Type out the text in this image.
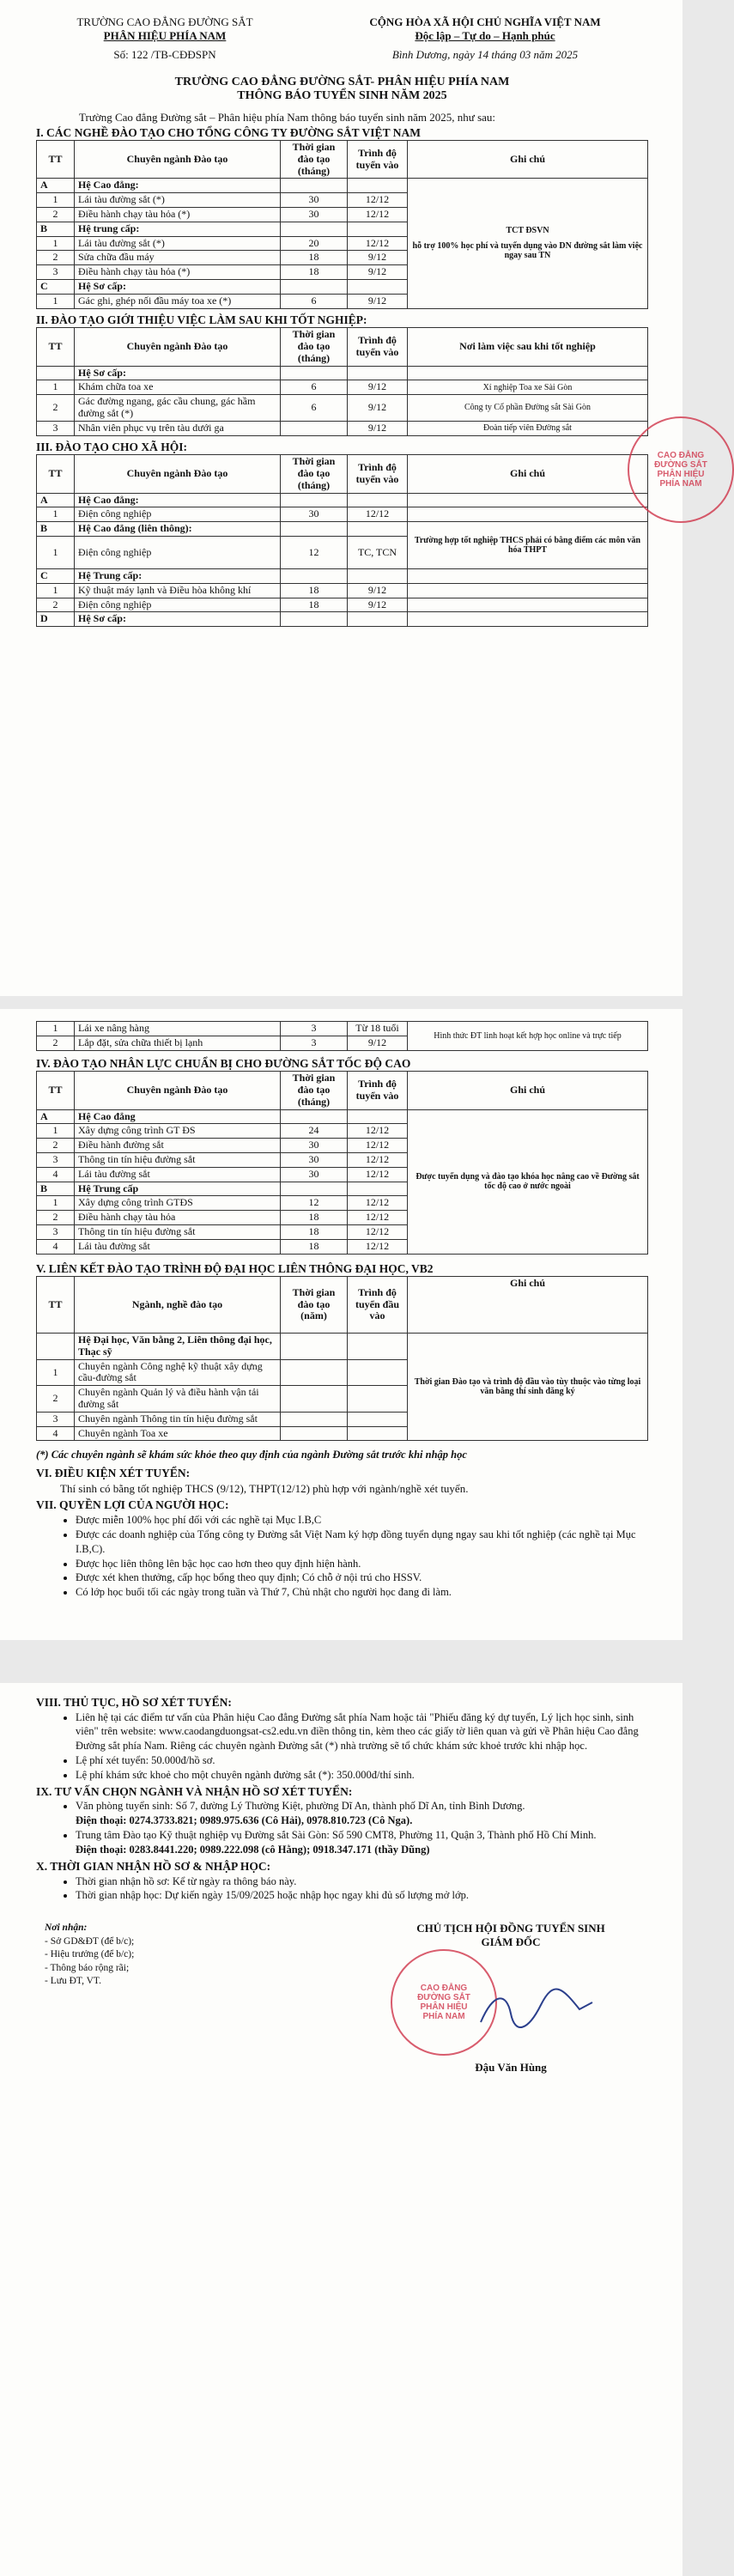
TRƯỜNG CAO ĐẲNG ĐƯỜNG SẮT
PHÂN HIỆU PHÍA NAM
Số: 122 /TB-CĐĐSPN
CỘNG HÒA XÃ HỘI CHỦ NGHĨA VIỆT NAM
Độc lập – Tự do – Hạnh phúc
Bình Dương, ngày 14 tháng 03 năm 2025
TRƯỜNG CAO ĐẲNG ĐƯỜNG SẮT- PHÂN HIỆU PHÍA NAM
THÔNG BÁO TUYỂN SINH NĂM 2025

Trường Cao đẳng Đường sắt – Phân hiệu phía Nam thông báo tuyển sinh năm 2025, như sau:

I. CÁC NGHỀ ĐÀO TẠO CHO TỔNG CÔNG TY ĐƯỜNG SẮT VIỆT NAM

TT	Chuyên ngành Đào tạo	Thời gian đào tạo (tháng)	Trình độ tuyển vào	Ghi chú
A	Hệ Cao đẳng:			TCT ĐSVN
hỗ trợ 100% học phí và tuyển dụng vào DN đường sắt làm việc ngay sau TN

1	Lái tàu đường sắt (*)	30	12/12	
2	Điều hành chạy tàu hỏa (*)	30	12/12	
B	Hệ trung cấp:			
1	Lái tàu đường sắt (*)	20	12/12	
2	Sửa chữa đầu máy	18	9/12	
3	Điều hành chạy tàu hỏa (*)	18	9/12	
C	Hệ Sơ cấp:			
1	Gác ghi, ghép nối đầu máy toa xe (*)	6	9/12	

II. ĐÀO TẠO GIỚI THIỆU VIỆC LÀM SAU KHI TỐT NGHIỆP:

TT	Chuyên ngành Đào tạo	Thời gian đào tạo (tháng)	Trình độ tuyển vào	Nơi làm việc sau khi tốt nghiệp
	Hệ Sơ cấp:			
1	Khám chữa toa xe	6	9/12	Xí nghiệp Toa xe Sài Gòn
2	Gác đường ngang, gác cầu chung, gác hầm đường sắt (*)	6	9/12	Công ty Cổ phần Đường sắt Sài Gòn
3	Nhân viên phục vụ trên tàu dưới ga		9/12	Đoàn tiếp viên Đường sắt

III. ĐÀO TẠO CHO XÃ HỘI:

TT	Chuyên ngành Đào tạo	Thời gian đào tạo (tháng)	Trình độ tuyển vào	Ghi chú
A	Hệ Cao đẳng:			
1	Điện công nghiệp	30	12/12	
B	Hệ Cao đẳng (liên thông):			Trường hợp tốt nghiệp THCS phải có bằng điểm các môn văn hóa THPT
1	Điện công nghiệp	12	TC, TCN	
C	Hệ Trung cấp:			
1	Kỹ thuật máy lạnh và Điều hòa không khí	18	9/12	
2	Điện công nghiệp	18	9/12	
D	Hệ Sơ cấp:			
CAO ĐẲNG ĐƯỜNG SẮT PHÂN HIỆU PHÍA NAM
1	Lái xe nâng hàng	3	Từ 18 tuổi	Hình thức ĐT linh hoạt kết hợp học online và trực tiếp
2	Lắp đặt, sửa chữa thiết bị lạnh	3	9/12	

IV. ĐÀO TẠO NHÂN LỰC CHUẨN BỊ CHO ĐƯỜNG SẮT TỐC ĐỘ CAO

TT	Chuyên ngành Đào tạo	Thời gian đào tạo (tháng)	Trình độ tuyển vào	Ghi chú
A	Hệ Cao đẳng			Được tuyển dụng và đào tạo khóa học nâng cao về Đường sắt tốc độ cao ở nước ngoài
1	Xây dựng công trình GT ĐS	24	12/12	
2	Điều hành đường sắt	30	12/12	
3	Thông tin tín hiệu đường sắt	30	12/12	
4	Lái tàu đường sắt	30	12/12	
B	Hệ Trung cấp			
1	Xây dựng công trình GTĐS	12	12/12	
2	Điều hành chạy tàu hỏa	18	12/12	
3	Thông tin tín hiệu đường sắt	18	12/12	
4	Lái tàu đường sắt	18	12/12	

V. LIÊN KẾT ĐÀO TẠO TRÌNH ĐỘ ĐẠI HỌC LIÊN THÔNG ĐẠI HỌC, VB2

TT	Ngành, nghề đào tạo	Thời gian đào tạo (năm)	Trình độ tuyển đầu vào	Ghi chú
	Hệ Đại học, Văn bằng 2, Liên thông đại học, Thạc sỹ			Thời gian Đào tạo và trình độ đầu vào tùy thuộc vào từng loại văn bằng thí sinh đăng ký
1	Chuyên ngành Công nghệ kỹ thuật xây dựng cầu-đường sắt			
2	Chuyên ngành Quản lý và điều hành vận tải đường sắt			
3	Chuyên ngành Thông tin tín hiệu đường sắt			
4	Chuyên ngành Toa xe			

(*) Các chuyên ngành sẽ khám sức khỏe theo quy định của ngành Đường sắt trước khi nhập học

VI. ĐIỀU KIỆN XÉT TUYỂN:

Thí sinh có bằng tốt nghiệp THCS (9/12), THPT(12/12) phù hợp với ngành/nghề xét tuyển.

VII. QUYỀN LỢI CỦA NGƯỜI HỌC:

• Được miễn 100% học phí đối với các nghề tại Mục I.B,C
• Được các doanh nghiệp của Tổng công ty Đường sắt Việt Nam ký hợp đồng tuyển dụng ngay sau khi tốt nghiệp (các nghề tại Mục I.B,C).
• Được học liên thông lên bậc học cao hơn theo quy định hiện hành.
• Được xét khen thưởng, cấp học bổng theo quy định; Có chỗ ở nội trú cho HSSV.
• Có lớp học buổi tối các ngày trong tuần và Thứ 7, Chủ nhật cho người học đang đi làm.

VIII. THỦ TỤC, HỒ SƠ XÉT TUYỂN:

• Liên hệ tại các điểm tư vấn của Phân hiệu Cao đẳng Đường sắt phía Nam hoặc tải "Phiếu đăng ký dự tuyển, Lý lịch học sinh, sinh viên" trên website: www.caodangduongsat-cs2.edu.vn điền thông tin, kèm theo các giấy tờ liên quan và gửi về Phân hiệu Cao đẳng Đường sắt phía Nam. Riêng các chuyên ngành Đường sắt (*) nhà trường sẽ tổ chức khám sức khoẻ trước khi nhập học.
• Lệ phí xét tuyển: 50.000đ/hồ sơ.
• Lệ phí khám sức khoẻ cho một chuyên ngành đường sắt (*): 350.000đ/thí sinh.

IX. TƯ VẤN CHỌN NGÀNH VÀ NHẬN HỒ SƠ XÉT TUYỂN:

• Văn phòng tuyển sinh: Số 7, đường Lý Thường Kiệt, phường Dĩ An, thành phố Dĩ An, tỉnh Bình Dương.
Điện thoại: 0274.3733.821; 0989.975.636 (Cô Hải), 0978.810.723 (Cô Nga).
• Trung tâm Đào tạo Kỹ thuật nghiệp vụ Đường sắt Sài Gòn: Số 590 CMT8, Phường 11, Quận 3, Thành phố Hồ Chí Minh.
Điện thoại: 0283.8441.220; 0989.222.098 (cô Hằng); 0918.347.171 (thầy Dũng)

X. THỜI GIAN NHẬN HỒ SƠ & NHẬP HỌC:

• Thời gian nhận hồ sơ: Kể từ ngày ra thông báo này.
• Thời gian nhập học: Dự kiến ngày 15/09/2025 hoặc nhập học ngay khi đủ số lượng mở lớp.
Nơi nhận:
- Sở GD&ĐT (để b/c);
- Hiệu trưởng (để b/c);
- Thông báo rộng rãi;
- Lưu ĐT, VT.
CHỦ TỊCH HỘI ĐỒNG TUYỂN SINH
GIÁM ĐỐC
CAO ĐẲNG ĐƯỜNG SẮT PHÂN HIỆU PHÍA NAM
Đậu Văn Hùng
